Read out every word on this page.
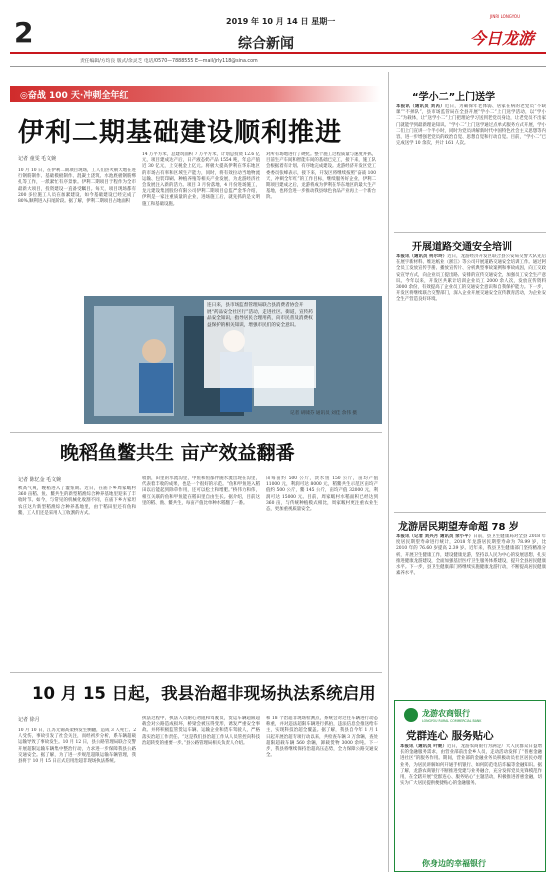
2	2019 年 10 月 14 日 星期一
综合新闻
JINRI LONGYOU
今日龙游
责任编辑/方均良 版式/余灵芝 电话/0570—7888555 E—mail/jrly118@sina.com
◎奋战 100 天·冲刺全年红
伊利二期基础建设顺利推进
记者 童雯 毛文婉
10 月 10 日，在伊利二期项目现场，工人们热火朝天地在进行钢筋制作、基础模板制作、混凝土浇筑、水池底板钢筋绑扎等工作，一派紧忙有序景象。伊利二期项目于程作为全市最新大项目，投资建设一直备受瞩目。每天，项目现场都有 200 多位施工人员在加紧建设，如今基础建设已经完成了 80%,顺利进入扫尾阶段。据了解，伊利二期项目占地面积
14 万平方米，总建筑面积 7 万平方米，计划总投资 12.6 亿元，项目建成达产后，日产液态奶产品 1554 吨，年总产值近 30 亿元，上交税金上亿元。将极大提高伊利在华东地区的市场占有率和区域生产能力，同时，将有效拉动当地物流运输、包装印刷、种植养殖等相关产业发展，为龙游经济社会发展注入新的活力。项目 3 月份落地，4 月份进场施工，龙元建设集团股份有限公司伊利二期项目总监严金华介绍，伊利是一家注重质量的企业，进场施工后，就先抓的是文明施工和基础设施。
对所有场地进行了硬化。整个施工过程质量与速度并抓，目前生产车间和智能车间的基础已完工，接下来，施工队会根据着有计划、有序地完成建设。龙游经济开发区党工委委员张峰表示，接下来，开发区将继续按照“奋战 100 天，冲刺全年红”的工作目标，继续服务好企业，伊利二期项目建成之后，龙游将成为伊利在华东地区的最大生产基地，也将会进一步推动我县绿色食品产业再上一个新台阶。
连日来，县市场监督管理局联合县消费者协会开展“药品安全社区行”活动，走进社区、街道，宣传药品安全知识，指导居民合理用药，向市民普及消费权益保护的相关知识，增强市民们的安全意识。
记者 胡啸芬 通讯员 刘佳 余伟 摄
晚稻鱼鳖共生 亩产效益翻番
记者 陈忆金 毛文婉
秋高气爽，晚稻进入了灌浆期。近日，在庙下乡周家畈村 360 亩稻、鱼、鳖共生的新型稻渔综合种养基地里迎来了丰收时节。如今，与常见的机械化收割不同，在庙下乡方家坦农庄这片新型稻渔综合种养基地里，由于稻田里还有鱼和鳖，工人们还是采用人工收割的方式。
收割，田里的水流沟里，甲鱼和鱼都伴随水流出现在沟里，代表着丰收的成果，也是一个很好的示范。“鱼和甲鱼进入稻田以后能起到除草作用，还可以松土和增肥。”桥伟力和伟，相互关联的鱼和甲鱼能在稻田里自由生长。据介绍，目前这里的稻、渔、鳖共生，每亩产值比单种水稻翻了一番。
田每亩约 500 公斤，淡水鱼 150 公斤，亩均产值 11000 元，利润可达 8000 元，稻鳖共生示范区亩均产值约 500 公斤，鳖 145 公斤，亩均产值 32000 元，利润可达 15000 元。目前，周家畈村水稻面积已经达到 360 亩，与传统种植模式相比，周家畈村更注重农业生态，更加重视质量安全。
10 月 15 日起，我县治超非现场执法系统启用
记者 徐月
10 月 10 日，江苏无锡高架桥发生侧翻，造成 3 人死亡、2 人受伤，事故引发了社会关注，而经初步分析，系车辆超载运输导致了事故发生。10 月 12 日，县公路管理局联合交警开展超限运输车辆集中整治行动，力求进一步保障我县公路交通安全。据了解，为了进一步规范超限运输车辆管理，我县将于 10 月 15 日正式启用治超非现场执法系统。
执法过程中，执法人员耐心劝阻和驾驶员，货运车辆超限超载会对公路造成损坏，桥梁会被压得变形，诱发严重安全事故。并将积极监管货运车辆、运输企业和货车驾驶人，严格落实治超工作责任。“这是我们县治超工作从人员管控向科技治超转变的重要一步。”县公路管理局相关负责人介绍。
和 18 个治超非现场检测点，系统会对过往车辆进行动态称重，并对违法超限车辆进行抓拍，违法信息会推送给车主，实现科技治超全覆盖。据了解，我县自今年 1 月 1 日起开展治超专项行动以来，共检查车辆 3 万余辆，查处超限超载车辆 560 余辆，卸载货物 3000 余吨。下一步，我县将继续保持治超高压态势，全力保障公路交通安全。
“学小二”上门送学
本报讯（通讯员 刘芮）近日，为确保年老体弱、居家在病的老党员“不缺课”“不掉队”，县市场监管局在全县开展“学小二”上门送学活动，以“学小二”为载体，让“送学小二”上门把理论学习送到老党员身边，让老党员不出家门就能学到最新理论知识。“学小二”上门送学通过点单式服务方式开展，学小二们上门宣讲一个半小时，同时为党员讲解新时代中国特色社会主义思想等内容，进一步增强老党员的政治自觉、思想自觉和行动自觉。目前，“学小二”已完成送学 10 余次，共计 161 人次。
开展道路交通安全培训
本报讯（通讯员 何尔玲）近日，龙游经济开发区联合县公安局交警大队先后在展宇新材料、维达纸业（浙江）等公司开展道路交通安全培训工作。通过阿全员工发放宣传手册、播放宣传片、分析典型事故案例和事故成因，向工交政安宣导方式，向企业员工提出路、安排的宣传交通安全，加强员工安全生产意识。今年以来，开发区共累计培训企业员工 2000 余人次，发放宣传资料 3000 余份，有效提高了企业员工的交通安全意识和自我保护能力。下一步，开发区将继续联合交警部门，深入企业开展交通安全宣传教育活动，为企业安全生产营造良好环境。
龙游居民期望寿命超 78 岁
本报讯（记者 刘兴月 通讯员 余小平）日前，县卫生健康局对全县 2018 年度居民期望寿命进行统计，2018 年龙游居民期望寿命为 78.99 岁，比 2010 年的 76.60 岁提高 2.39 岁。近年来，我县卫生健康部门坚持精准分析，开展卫生健康工作，建设健康龙游，坚持以人民为中心的发展思想，扎实推进健康龙游建设，全面加强基层医疗卫生服务体系建设，提升全县居民健康水平。下一步，县卫生健康部门将继续实施健康龙游行动，不断提高居民健康素养水平。
龙游农商银行
LONGYOU RURAL COMMERCIAL BANK
党群连心 服务贴心
本报讯（通讯员 叶妮）近日，龙游农商银行为满足广大人民群众日益增长的金融服务需求，由营业部前出金乡人员，走动活动发挥了“普惠金融进社区”的服务作用。期间，营业部的金融业务员积极动员社区居民办理业务，为居民讲解如何开通手机银行、如何防范电信诈骗等金融知识。据了解，龙游农商银行不断推进党建与业务融合，充分发挥党员先锋模范作用，在全辖开展“党群连心、服务贴心”主题活动，积极推进普惠金融，切实为广大居民提供便捷贴心的金融服务。
你身边的幸福银行
